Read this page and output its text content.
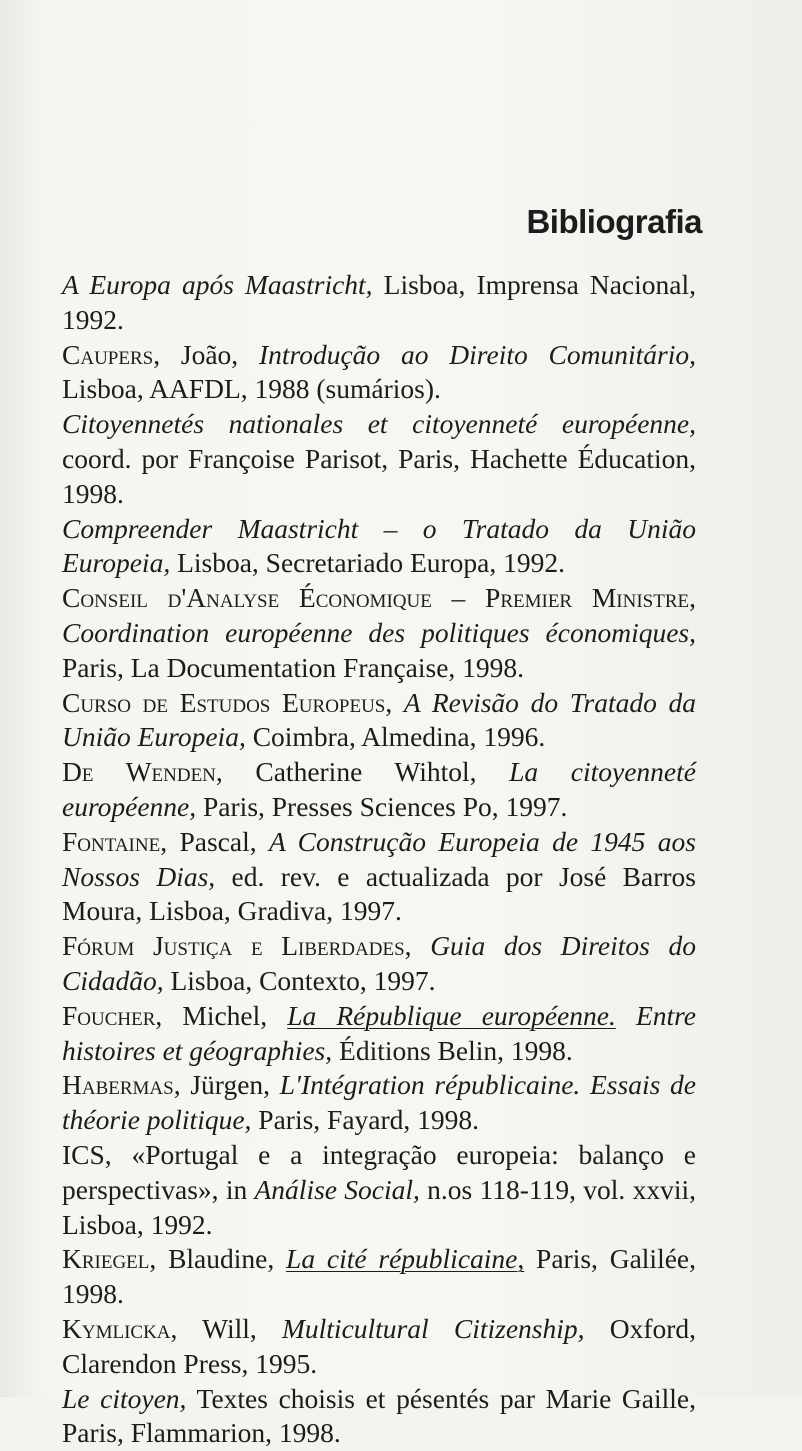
Bibliografia

A Europa após Maastricht, Lisboa, Imprensa Nacional, 1992.

Caupers, João, Introdução ao Direito Comunitário, Lisboa, AAFDL, 1988 (sumários).

Citoyennetés nationales et citoyenneté européenne, coord. por Françoise Parisot, Paris, Hachette Éducation, 1998.

Compreender Maastricht – o Tratado da União Europeia, Lisboa, Secretariado Europa, 1992.

Conseil d'Analyse Économique – Premier Ministre, Coordination européenne des politiques économiques, Paris, La Documentation Française, 1998.

Curso de Estudos Europeus, A Revisão do Tratado da União Europeia, Coimbra, Almedina, 1996.

De Wenden, Catherine Wihtol, La citoyenneté européenne, Paris, Presses Sciences Po, 1997.

Fontaine, Pascal, A Construção Europeia de 1945 aos Nossos Dias, ed. rev. e actualizada por José Barros Moura, Lisboa, Gradiva, 1997.

Fórum Justiça e Liberdades, Guia dos Direitos do Cidadão, Lisboa, Contexto, 1997.

Foucher, Michel, La République européenne. Entre histoires et géographies, Éditions Belin, 1998.

Habermas, Jürgen, L'Intégration républicaine. Essais de théorie politique, Paris, Fayard, 1998.

ICS, «Portugal e a integração europeia: balanço e perspectivas», in Análise Social, n.os 118-119, vol. xxvii, Lisboa, 1992.

Kriegel, Blaudine, La cité républicaine, Paris, Galilée, 1998.

Kymlicka, Will, Multicultural Citizenship, Oxford, Clarendon Press, 1995.

Le citoyen, Textes choisis et pésentés par Marie Gaille, Paris, Flammarion, 1998.
